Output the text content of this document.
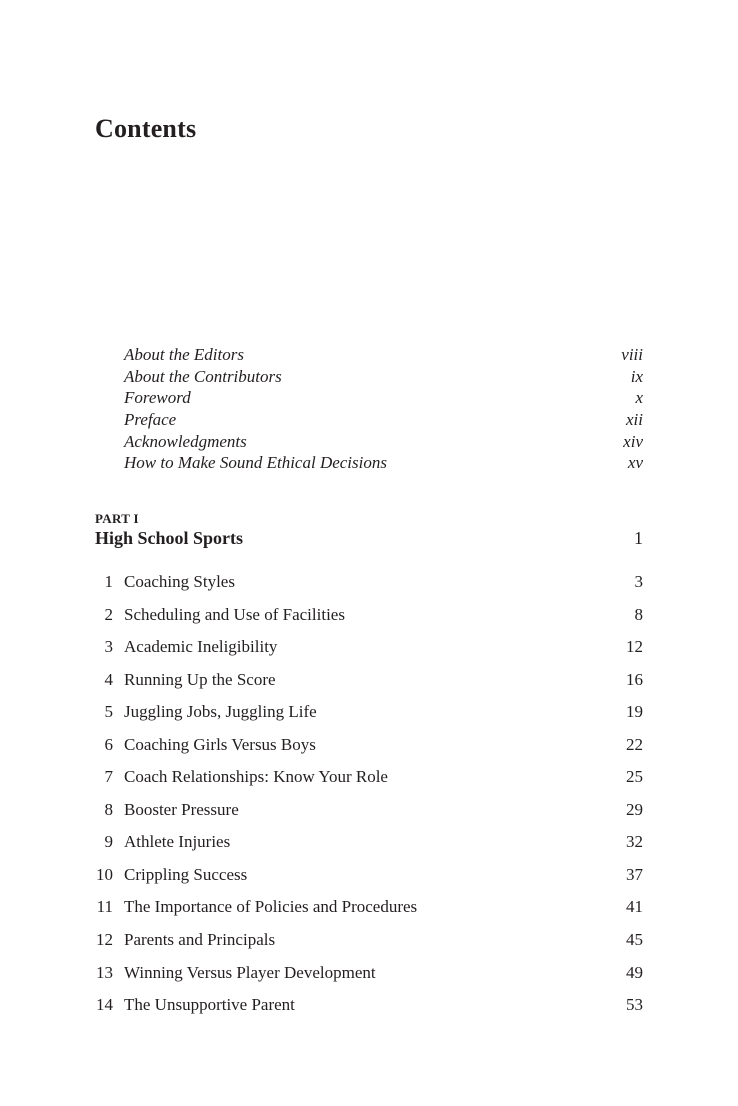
Contents
About the Editors	viii
About the Contributors	ix
Foreword	x
Preface	xii
Acknowledgments	xiv
How to Make Sound Ethical Decisions	xv
PART I
High School Sports	1
1 Coaching Styles	3
2 Scheduling and Use of Facilities	8
3 Academic Ineligibility	12
4 Running Up the Score	16
5 Juggling Jobs, Juggling Life	19
6 Coaching Girls Versus Boys	22
7 Coach Relationships: Know Your Role	25
8 Booster Pressure	29
9 Athlete Injuries	32
10 Crippling Success	37
11 The Importance of Policies and Procedures	41
12 Parents and Principals	45
13 Winning Versus Player Development	49
14 The Unsupportive Parent	53
